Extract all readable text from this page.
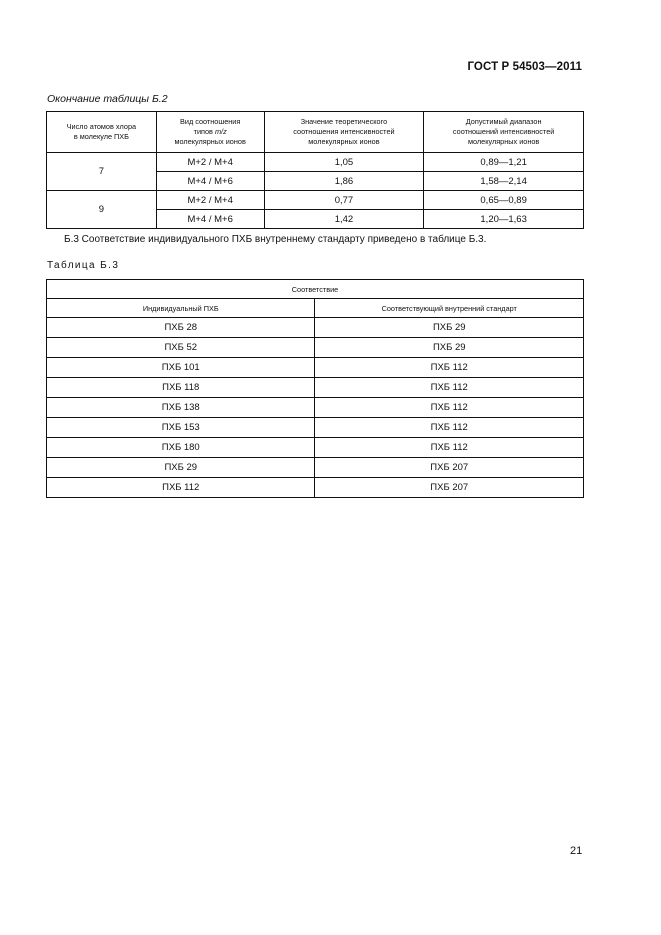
ГОСТ Р 54503—2011
Окончание таблицы Б.2
Число атомов хлора
в молекуле ПХБ	Вид соотношения
типов m/z
молекулярных ионов	Значение теоретического
соотношения интенсивностей
молекулярных ионов	Допустимый диапазон
соотношений интенсивностей
молекулярных ионов
7	M+2 / M+4	1,05	0,89—1,21
	M+4 / M+6	1,86	1,58—2,14
9	M+2 / M+4	0,77	0,65—0,89
	M+4 / M+6	1,42	1,20—1,63
Б.3 Соответствие индивидуального ПХБ внутреннему стандарту приведено в таблице Б.3.
Таблица Б.3
Соответствие	
Индивидуальный ПХБ	Соответствующий внутренний стандарт
ПХБ 28	ПХБ 29
ПХБ 52	ПХБ 29
ПХБ 101	ПХБ 112
ПХБ 118	ПХБ 112
ПХБ 138	ПХБ 112
ПХБ 153	ПХБ 112
ПХБ 180	ПХБ 112
ПХБ 29	ПХБ 207
ПХБ 112	ПХБ 207
21
